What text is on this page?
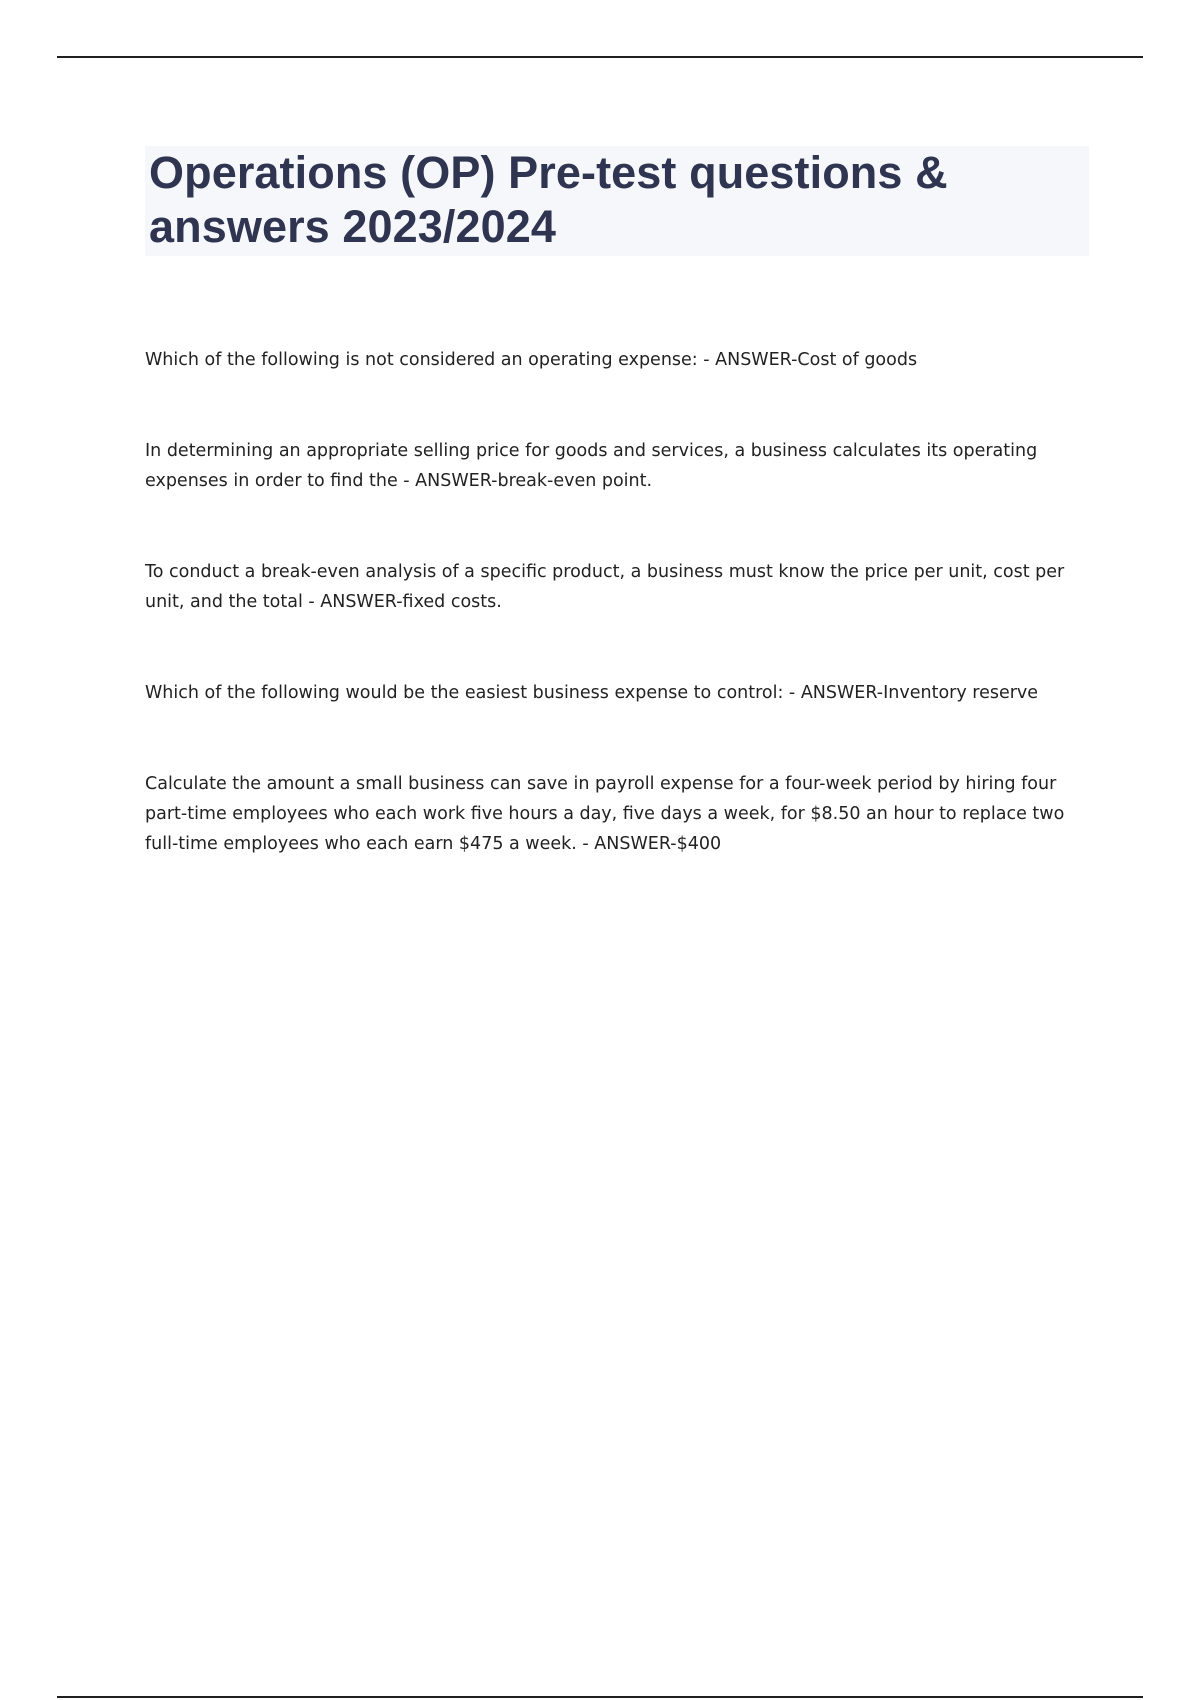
Operations (OP) Pre-test questions & answers 2023/2024
Which of the following is not considered an operating expense: - ANSWER-Cost of goods
In determining an appropriate selling price for goods and services, a business calculates its operating expenses in order to find the - ANSWER-break-even point.
To conduct a break-even analysis of a specific product, a business must know the price per unit, cost per unit, and the total - ANSWER-fixed costs.
Which of the following would be the easiest business expense to control: - ANSWER-Inventory reserve
Calculate the amount a small business can save in payroll expense for a four-week period by hiring four part-time employees who each work five hours a day, five days a week, for $8.50 an hour to replace two full-time employees who each earn $475 a week. - ANSWER-$400
